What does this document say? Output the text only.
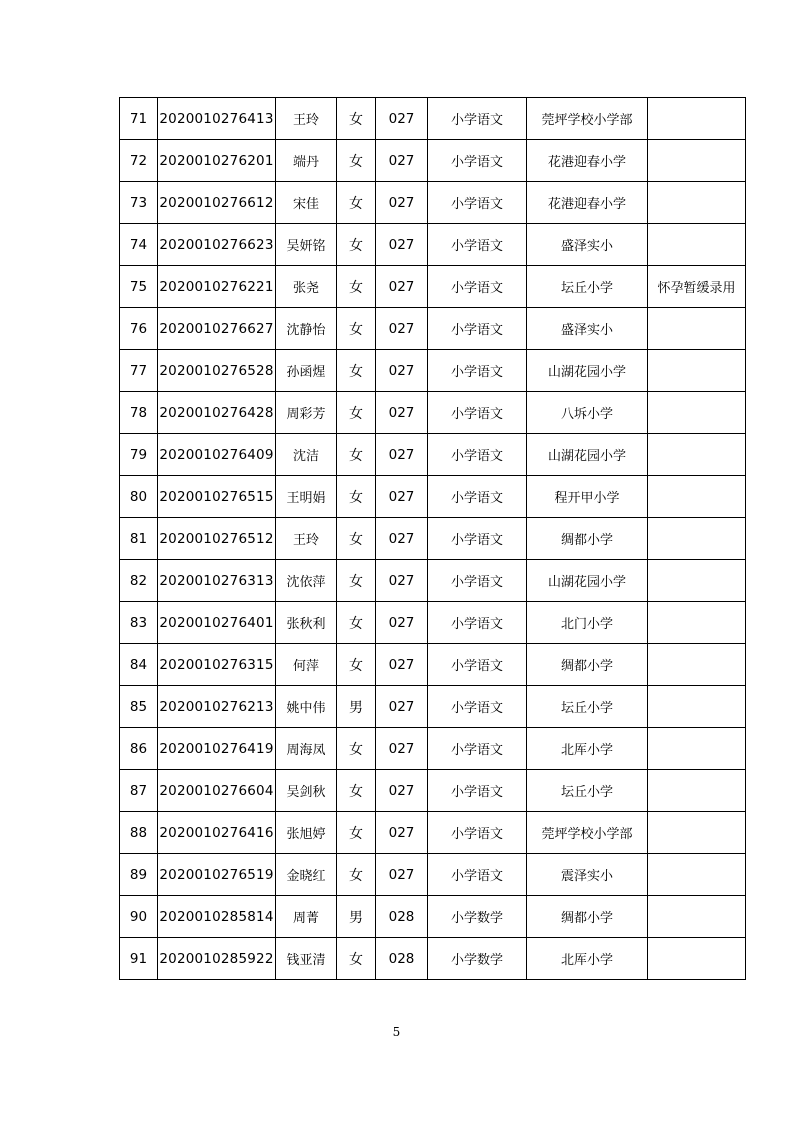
71	2020010276413	王玲	女	027	小学语文	莞坪学校小学部	
72	2020010276201	端丹	女	027	小学语文	花港迎春小学	
73	2020010276612	宋佳	女	027	小学语文	花港迎春小学	
74	2020010276623	吴妍铭	女	027	小学语文	盛泽实小	
75	2020010276221	张尧	女	027	小学语文	坛丘小学	怀孕暂缓录用
76	2020010276627	沈静怡	女	027	小学语文	盛泽实小	
77	2020010276528	孙函煋	女	027	小学语文	山湖花园小学	
78	2020010276428	周彩芳	女	027	小学语文	八坼小学	
79	2020010276409	沈洁	女	027	小学语文	山湖花园小学	
80	2020010276515	王明娟	女	027	小学语文	程开甲小学	
81	2020010276512	王玲	女	027	小学语文	绸都小学	
82	2020010276313	沈依萍	女	027	小学语文	山湖花园小学	
83	2020010276401	张秋利	女	027	小学语文	北门小学	
84	2020010276315	何萍	女	027	小学语文	绸都小学	
85	2020010276213	姚中伟	男	027	小学语文	坛丘小学	
86	2020010276419	周海凤	女	027	小学语文	北厍小学	
87	2020010276604	吴剑秋	女	027	小学语文	坛丘小学	
88	2020010276416	张旭婷	女	027	小学语文	莞坪学校小学部	
89	2020010276519	金晓红	女	027	小学语文	震泽实小	
90	2020010285814	周菁	男	028	小学数学	绸都小学	
91	2020010285922	钱亚清	女	028	小学数学	北厍小学	
5
